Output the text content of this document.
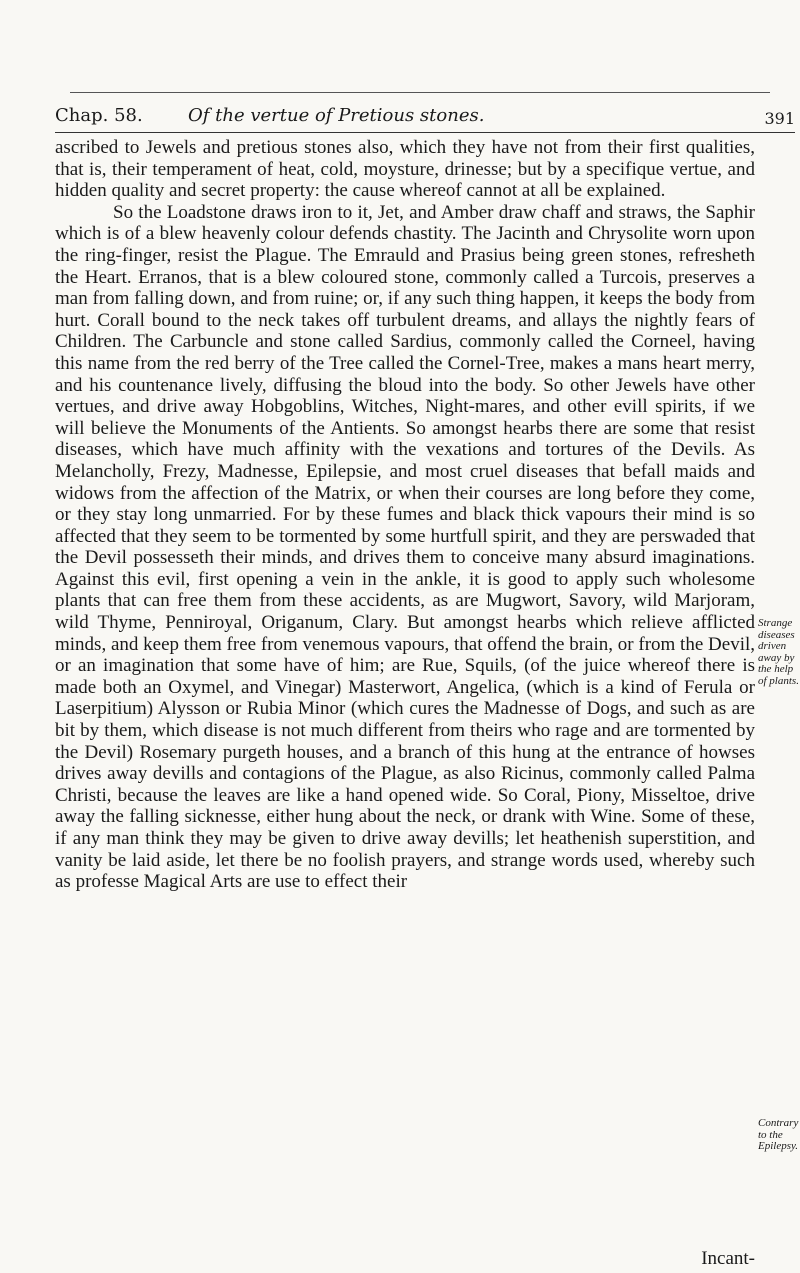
Chap. 58.	Of the vertue of Pretious stones.	391

ascribed to Jewels and pretious stones also, which they have not from their first qualities, that is, their temperament of heat, cold, moysture, drinesse; but by a specifique vertue, and hidden quality and secret property: the cause whereof cannot at all be explained.

So the Loadstone draws iron to it, Jet, and Amber draw chaff and straws, the Saphir which is of a blew heavenly colour defends chastity. The Jacinth and Chrysolite worn upon the ring-finger, resist the Plague. The Emrauld and Prasius being green stones, refresheth the Heart. Erranos, that is a blew coloured stone, commonly called a Turcois, preserves a man from falling down, and from ruine; or, if any such thing happen, it keeps the body from hurt. Corall bound to the neck takes off turbulent dreams, and allays the nightly fears of Children. The Carbuncle and stone called Sardius, commonly called the Corneel, having this name from the red berry of the Tree called the Cornel-Tree, makes a mans heart merry, and his countenance lively, diffusing the bloud into the body. So other Jewels have other vertues, and drive away Hobgoblins, Witches, Night-mares, and other evill spirits, if we will believe the Monuments of the Antients. So amongst hearbs there are some that resist diseases, which have much affinity with the vexations and tortures of the Devils. As Melancholly, Frezy, Madnesse, Epilepsie, and most cruel diseases that befall maids and widows from the affection of the Matrix, or when their courses are long before they come, or they stay long unmarried. For by these fumes and black thick vapours their mind is so affected that they seem to be tormented by some hurtfull spirit, and they are perswaded that the Devil possesseth their minds, and drives them to conceive many absurd imaginations. Against this evil, first opening a vein in the ankle, it is good to apply such wholesome plants that can free them from these accidents, as are Mugwort, Savory, wild Marjoram, wild Thyme, Penniroyal, Origanum, Clary. But amongst hearbs which relieve afflicted minds, and keep them free from venemous vapours, that offend the brain, or from the Devil, or an imagination that some have of him; are Rue, Squils, (of the juice whereof there is made both an Oxymel, and Vinegar) Masterwort, Angelica, (which is a kind of Ferula or Laserpitium) Alysson or Rubia Minor (which cures the Madnesse of Dogs, and such as are bit by them, which disease is not much different from theirs who rage and are tormented by the Devil) Rosemary purgeth houses, and a branch of this hung at the entrance of howses drives away devills and contagions of the Plague, as also Ricinus, commonly called Palma Christi, because the leaves are like a hand opened wide. So Coral, Piony, Misseltoe, drive away the falling sicknesse, either hung about the neck, or drank with Wine. Some of these, if any man think they may be given to drive away devills; let heathenish superstition, and vanity be laid aside, let there be no foolish prayers, and strange words used, whereby such as professe Magical Arts are use to effect their

Strange diseases driven away by the help of plants.
Contrary to the Epilepsy.
Incant-
